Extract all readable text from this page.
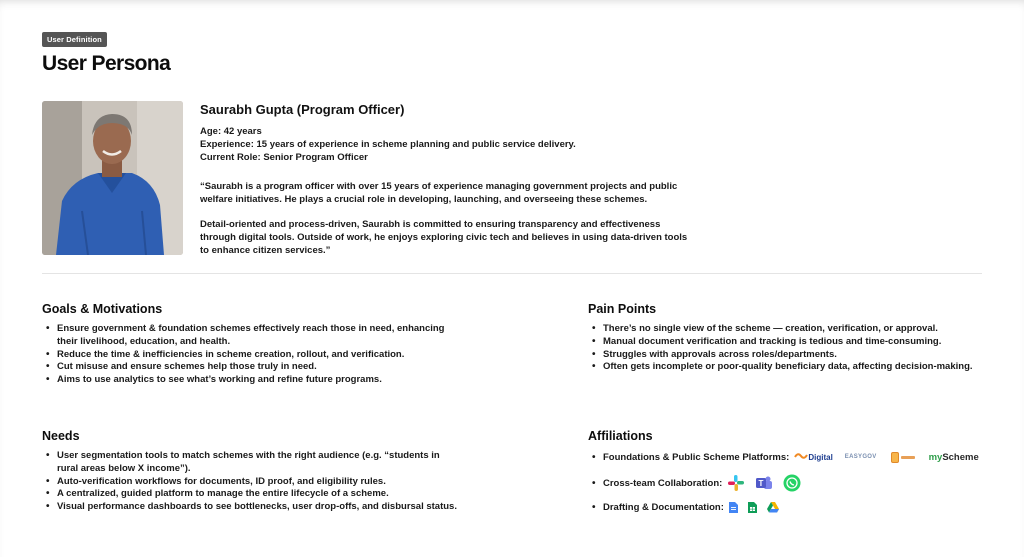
User Definition
User Persona
Saurabh Gupta (Program Officer)
Age: 42 years
Experience: 15 years of experience in scheme planning and public service delivery.
Current Role: Senior Program Officer
“Saurabh is a program officer with over 15 years of experience managing government projects and public welfare initiatives. He plays a crucial role in developing, launching, and overseeing these schemes.
Detail-oriented and process-driven, Saurabh is committed to ensuring transparency and effectiveness through digital tools. Outside of work, he enjoys exploring civic tech and believes in using data-driven tools to enhance citizen services.”
Goals & Motivations
• Ensure government & foundation schemes effectively reach those in need, enhancing their livelihood, education, and health.
• Reduce the time & inefficiencies in scheme creation, rollout, and verification.
• Cut misuse and ensure schemes help those truly in need.
• Aims to use analytics to see what’s working and refine future programs.
Pain Points
• There’s no single view of the scheme — creation, verification, or approval.
• Manual document verification and tracking is tedious and time-consuming.
• Struggles with approvals across roles/departments.
• Often gets incomplete or poor-quality beneficiary data, affecting decision-making.
Needs
• User segmentation tools to match schemes with the right audience (e.g. “students in rural areas below X income”).
• Auto-verification workflows for documents, ID proof, and eligibility rules.
• A centralized, guided platform to manage the entire lifecycle of a scheme.
• Visual performance dashboards to see bottlenecks, user drop-offs, and disbursal status.
Affiliations
• Foundations & Public Scheme Platforms: Digital EASYGOV	myScheme
• Cross-team Collaboration:	T
• Drafting & Documentation:
